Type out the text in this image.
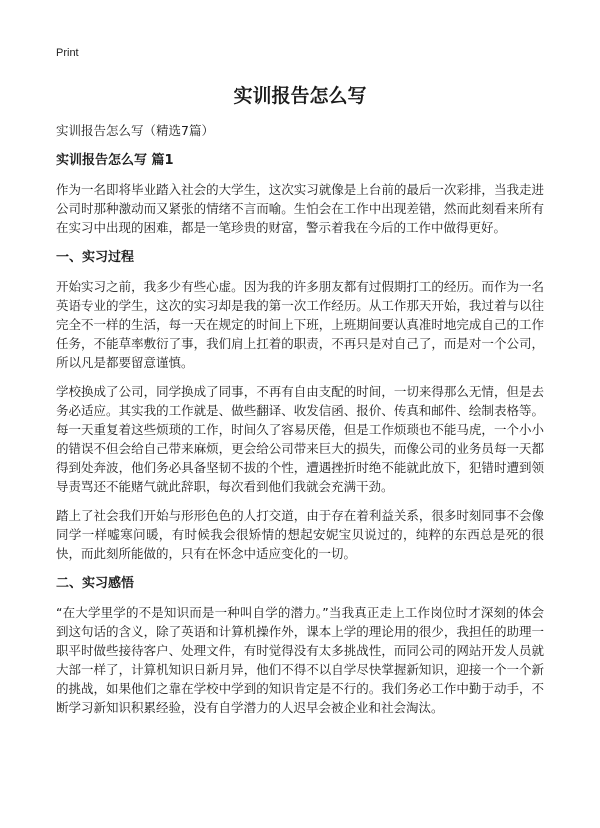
Print
实训报告怎么写

实训报告怎么写（精选7篇）

实训报告怎么写 篇1

作为一名即将毕业踏入社会的大学生，这次实习就像是上台前的最后一次彩排，当我走进公司时那种激动而又紧张的情绪不言而喻。生怕会在工作中出现差错，然而此刻看来所有在实习中出现的困难，都是一笔珍贵的财富，警示着我在今后的工作中做得更好。

一、实习过程

开始实习之前，我多少有些心虚。因为我的许多朋友都有过假期打工的经历。而作为一名英语专业的学生，这次的实习却是我的第一次工作经历。从工作那天开始，我过着与以往完全不一样的生活，每一天在规定的时间上下班，上班期间要认真准时地完成自己的工作任务，不能草率敷衍了事，我们肩上扛着的职责，不再只是对自己了，而是对一个公司，所以凡是都要留意谨慎。

学校换成了公司，同学换成了同事，不再有自由支配的时间，一切来得那么无情，但是去务必适应。其实我的工作就是、做些翻译、收发信函、报价、传真和邮件、绘制表格等。每一天重复着这些烦琐的工作，时间久了容易厌倦，但是工作烦琐也不能马虎，一个小小的错误不但会给自己带来麻烦，更会给公司带来巨大的损失，而像公司的业务员每一天都得到处奔波，他们务必具备坚韧不拔的个性，遭遇挫折时绝不能就此放下，犯错时遭到领导责骂还不能赌气就此辞职，每次看到他们我就会充满干劲。

踏上了社会我们开始与形形色色的人打交道，由于存在着利益关系，很多时刻同事不会像同学一样嘘寒问暖，有时候我会很矫情的想起安妮宝贝说过的，纯粹的东西总是死的很快，而此刻所能做的，只有在怀念中适应变化的一切。

二、实习感悟

“在大学里学的不是知识而是一种叫自学的潜力。”当我真正走上工作岗位时才深刻的体会到这句话的含义，除了英语和计算机操作外，课本上学的理论用的很少，我担任的助理一职平时做些接待客户、处理文件，有时觉得没有太多挑战性，而同公司的网站开发人员就大部一样了，计算机知识日新月异，他们不得不以自学尽快掌握新知识，迎接一个一个新的挑战，如果他们之靠在学校中学到的知识肯定是不行的。我们务必工作中勤于动手，不断学习新知识积累经验，没有自学潜力的人迟早会被企业和社会淘汰。
